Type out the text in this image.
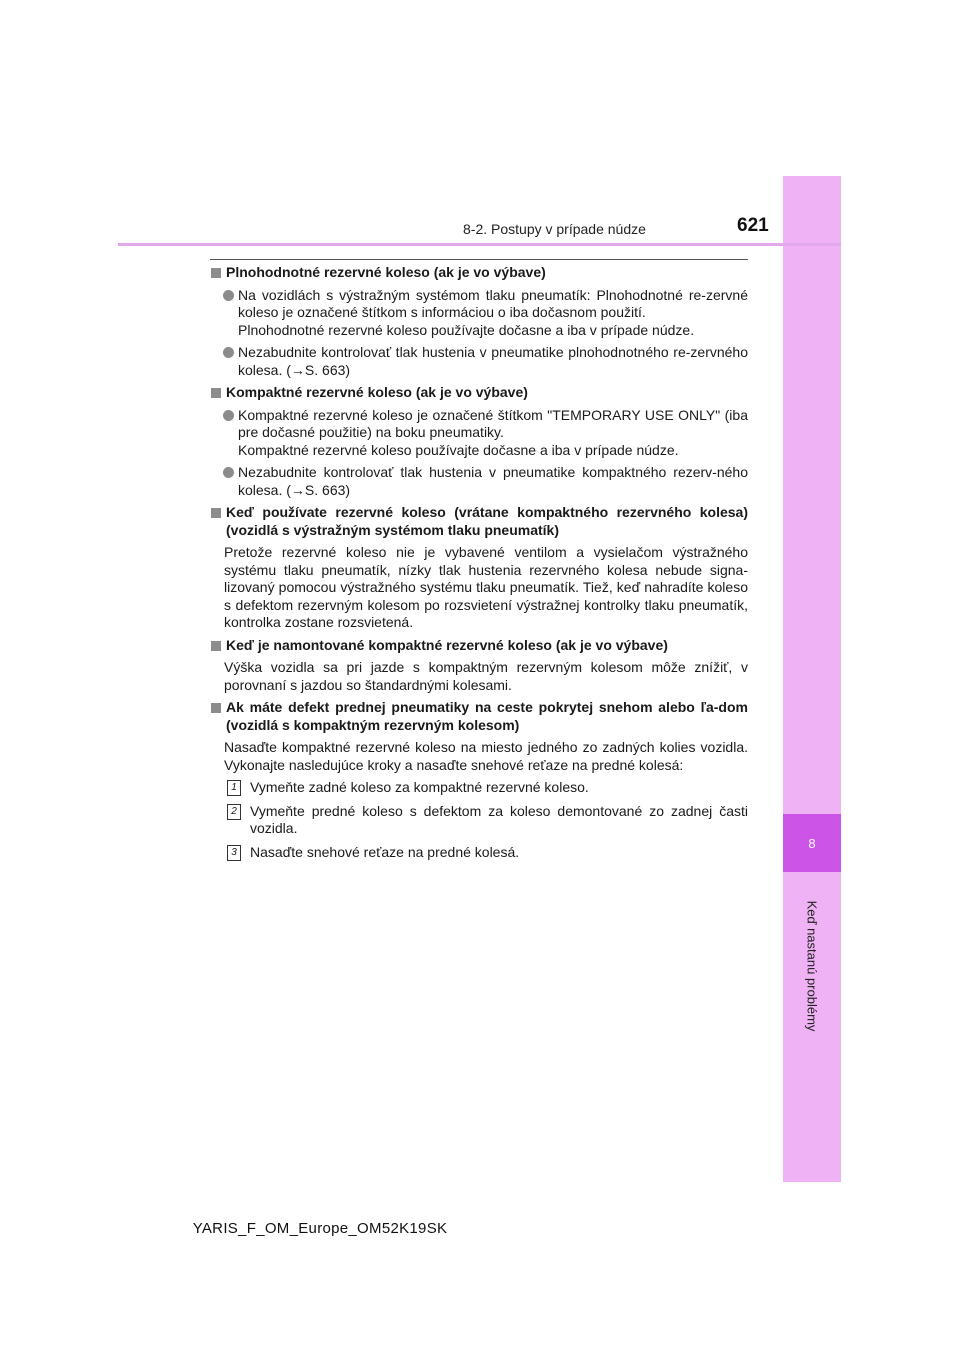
8
Keď nastanú problémy
8-2. Postupy v prípade núdze	621
Plnohodnotné rezervné koleso (ak je vo výbave)
Na vozidlách s výstražným systémom tlaku pneumatík: Plnohodnotné re-zervné koleso je označené štítkom s informáciou o iba dočasnom použití.
Plnohodnotné rezervné koleso používajte dočasne a iba v prípade núdze.
Nezabudnite kontrolovať tlak hustenia v pneumatike plnohodnotného re-zervného kolesa. (→S. 663)
Kompaktné rezervné koleso (ak je vo výbave)
Kompaktné rezervné koleso je označené štítkom "TEMPORARY USE ONLY" (iba pre dočasné použitie) na boku pneumatiky.
Kompaktné rezervné koleso používajte dočasne a iba v prípade núdze.
Nezabudnite kontrolovať tlak hustenia v pneumatike kompaktného rezerv-ného kolesa. (→S. 663)
Keď používate rezervné koleso (vrátane kompaktného rezervného kolesa) (vozidlá s výstražným systémom tlaku pneumatík)
Pretože rezervné koleso nie je vybavené ventilom a vysielačom výstražného systému tlaku pneumatík, nízky tlak hustenia rezervného kolesa nebude signa-lizovaný pomocou výstražného systému tlaku pneumatík. Tiež, keď nahradíte koleso s defektom rezervným kolesom po rozsvietení výstražnej kontrolky tlaku pneumatík, kontrolka zostane rozsvietená.
Keď je namontované kompaktné rezervné koleso (ak je vo výbave)
Výška vozidla sa pri jazde s kompaktným rezervným kolesom môže znížiť, v porovnaní s jazdou so štandardnými kolesami.
Ak máte defekt prednej pneumatiky na ceste pokrytej snehom alebo ľa-dom (vozidlá s kompaktným rezervným kolesom)
Nasaďte kompaktné rezervné koleso na miesto jedného zo zadných kolies vozidla. Vykonajte nasledujúce kroky a nasaďte snehové reťaze na predné kolesá:
1 Vymeňte zadné koleso za kompaktné rezervné koleso.
2 Vymeňte predné koleso s defektom za koleso demontované zo zadnej časti vozidla.
3 Nasaďte snehové reťaze na predné kolesá.
YARIS_F_OM_Europe_OM52K19SK
